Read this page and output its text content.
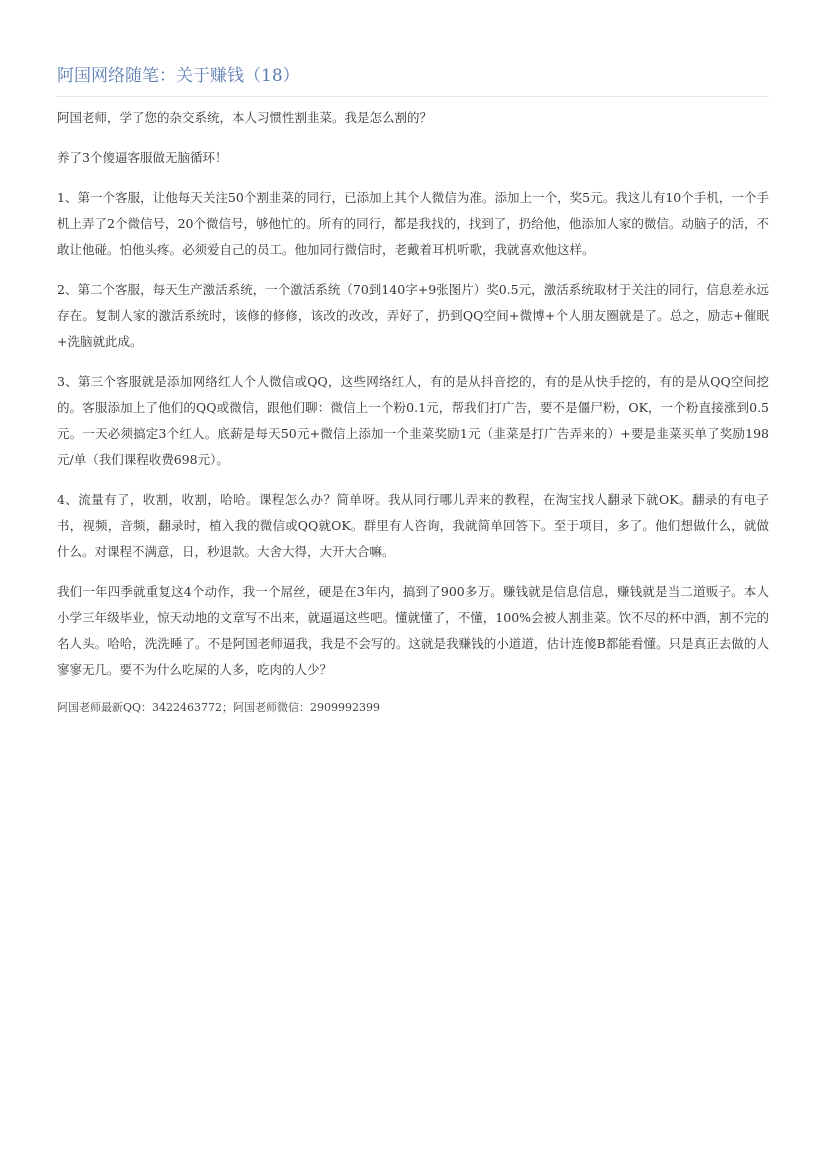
阿国网络随笔：关于赚钱（18）

阿国老师，学了您的杂交系统，本人习惯性割韭菜。我是怎么割的？

养了3个傻逼客服做无脑循环！

1、第一个客服，让他每天关注50个割韭菜的同行，已添加上其个人微信为准。添加上一个，奖5元。我这儿有10个手机，一个手机上弄了2个微信号，20个微信号，够他忙的。所有的同行，都是我找的，找到了，扔给他，他添加人家的微信。动脑子的活，不敢让他碰。怕他头疼。必须爱自己的员工。他加同行微信时，老戴着耳机听歌，我就喜欢他这样。

2、第二个客服，每天生产激活系统，一个激活系统（70到140字+9张图片）奖0.5元，激活系统取材于关注的同行，信息差永远存在。复制人家的激活系统时，该修的修修，该改的改改，弄好了，扔到QQ空间+微博+个人朋友圈就是了。总之，励志+催眠+洗脑就此成。

3、第三个客服就是添加网络红人个人微信或QQ，这些网络红人，有的是从抖音挖的，有的是从快手挖的，有的是从QQ空间挖的。客服添加上了他们的QQ或微信，跟他们聊：微信上一个粉0.1元，帮我们打广告，要不是僵尸粉，OK，一个粉直接涨到0.5元。一天必须搞定3个红人。底薪是每天50元+微信上添加一个韭菜奖励1元（韭菜是打广告弄来的）+要是韭菜买单了奖励198元/单（我们课程收费698元）。

4、流量有了，收割，收割，哈哈。课程怎么办？简单呀。我从同行哪儿弄来的教程，在淘宝找人翻录下就OK。翻录的有电子书，视频，音频，翻录时，植入我的微信或QQ就OK。群里有人咨询，我就简单回答下。至于项目，多了。他们想做什么，就做什么。对课程不满意，日，秒退款。大舍大得，大开大合嘛。

我们一年四季就重复这4个动作，我一个屌丝，硬是在3年内，搞到了900多万。赚钱就是信息信息，赚钱就是当二道贩子。本人小学三年级毕业，惊天动地的文章写不出来，就逼逼这些吧。懂就懂了，不懂，100%会被人割韭菜。饮不尽的杯中酒，割不完的名人头。哈哈，洗洗睡了。不是阿国老师逼我，我是不会写的。这就是我赚钱的小道道，估计连傻B都能看懂。只是真正去做的人寥寥无几。要不为什么吃屎的人多，吃肉的人少？

阿国老师最新QQ：3422463772；阿国老师微信：2909992399
